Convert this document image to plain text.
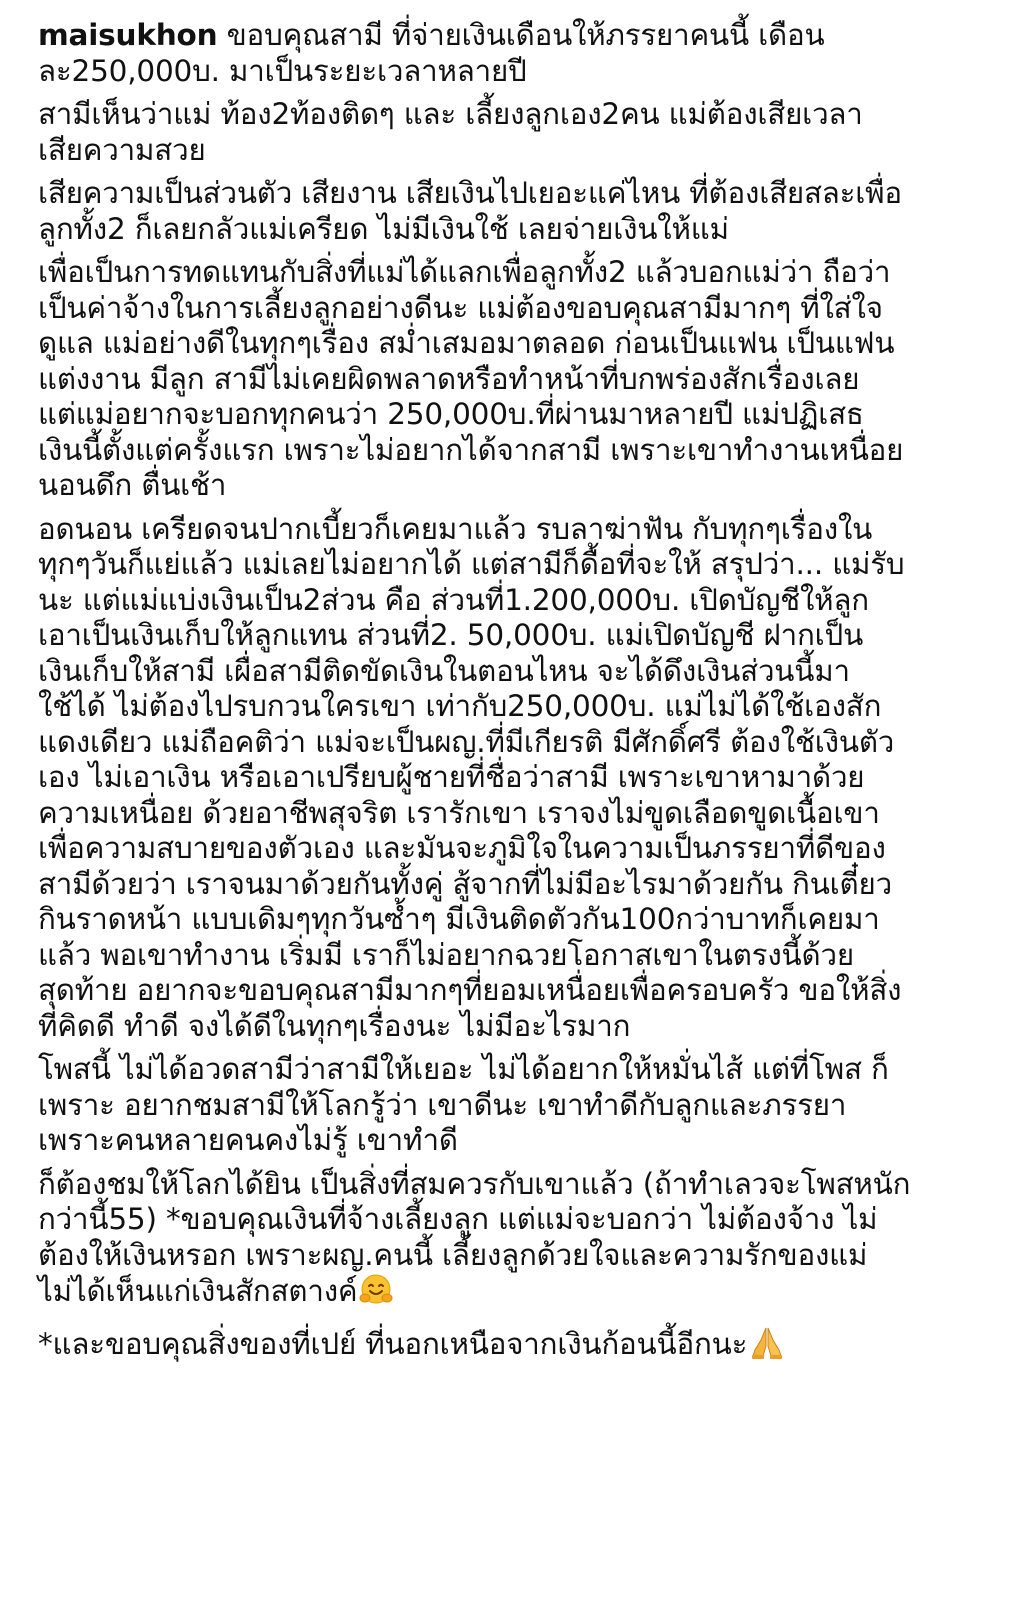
maisukhon ขอบคุณสามี ที่จ่ายเงินเดือนให้ภรรยาคนนี้ เดือน
ละ250,000บ. มาเป็นระยะเวลาหลายปี
สามีเห็นว่าแม่ ท้อง2ท้องติดๆ และ เลี้ยงลูกเอง2คน แม่ต้องเสียเวลา
เสียความสวย
เสียความเป็นส่วนตัว เสียงาน เสียเงินไปเยอะแค่ไหน ที่ต้องเสียสละเพื่อ
ลูกทั้ง2 ก็เลยกลัวแม่เครียด ไม่มีเงินใช้ เลยจ่ายเงินให้แม่
เพื่อเป็นการทดแทนกับสิ่งที่แม่ได้แลกเพื่อลูกทั้ง2 แล้วบอกแม่ว่า ถือว่า
เป็นค่าจ้างในการเลี้ยงลูกอย่างดีนะ แม่ต้องขอบคุณสามีมากๆ ที่ใส่ใจ
ดูแล แม่อย่างดีในทุกๆเรื่อง สม่ำเสมอมาตลอด ก่อนเป็นแฟน เป็นแฟน
แต่งงาน มีลูก สามีไม่เคยผิดพลาดหรือทำหน้าที่บกพร่องสักเรื่องเลย
แต่แม่อยากจะบอกทุกคนว่า 250,000บ.ที่ผ่านมาหลายปี แม่ปฏิเสธ
เงินนี้ตั้งแต่ครั้งแรก เพราะไม่อยากได้จากสามี เพราะเขาทำงานเหนื่อย
นอนดึก ตื่นเช้า
อดนอน เครียดจนปากเบี้ยวก็เคยมาแล้ว รบลาฆ่าฟัน กับทุกๆเรื่องใน
ทุกๆวันก็แย่แล้ว แม่เลยไม่อยากได้ แต่สามีก็ดื้อที่จะให้ สรุปว่า... แม่รับ
นะ แต่แม่แบ่งเงินเป็น2ส่วน คือ ส่วนที่1.200,000บ. เปิดบัญชีให้ลูก
เอาเป็นเงินเก็บให้ลูกแทน ส่วนที่2. 50,000บ. แม่เปิดบัญชี ฝากเป็น
เงินเก็บให้สามี เผื่อสามีติดขัดเงินในตอนไหน จะได้ดึงเงินส่วนนี้มา
ใช้ได้ ไม่ต้องไปรบกวนใครเขา เท่ากับ250,000บ. แม่ไม่ได้ใช้เองสัก
แดงเดียว แม่ถือคติว่า แม่จะเป็นผญ.ที่มีเกียรติ มีศักดิ์ศรี ต้องใช้เงินตัว
เอง ไม่เอาเงิน หรือเอาเปรียบผู้ชายที่ชื่อว่าสามี เพราะเขาหามาด้วย
ความเหนื่อย ด้วยอาชีพสุจริต เรารักเขา เราจงไม่ขูดเลือดขูดเนื้อเขา
เพื่อความสบายของตัวเอง และมันจะภูมิใจในความเป็นภรรยาที่ดีของ
สามีด้วยว่า เราจนมาด้วยกันทั้งคู่ สู้จากที่ไม่มีอะไรมาด้วยกัน กินเตี๋ยว
กินราดหน้า แบบเดิมๆทุกวันซ้ำๆ มีเงินติดตัวกัน100กว่าบาทก็เคยมา
แล้ว พอเขาทำงาน เริ่มมี เราก็ไม่อยากฉวยโอกาสเขาในตรงนี้ด้วย
สุดท้าย อยากจะขอบคุณสามีมากๆที่ยอมเหนื่อยเพื่อครอบครัว ขอให้สิ่ง
ที่คิดดี ทำดี จงได้ดีในทุกๆเรื่องนะ ไม่มีอะไรมาก
โพสนี้ ไม่ได้อวดสามีว่าสามีให้เยอะ ไม่ได้อยากให้หมั่นไส้ แต่ที่โพส ก็
เพราะ อยากชมสามีให้โลกรู้ว่า เขาดีนะ เขาทำดีกับลูกและภรรยา
เพราะคนหลายคนคงไม่รู้ เขาทำดี
ก็ต้องชมให้โลกได้ยิน เป็นสิ่งที่สมควรกับเขาแล้ว (ถ้าทำเลวจะโพสหนัก
กว่านี้55) *ขอบคุณเงินที่จ้างเลี้ยงลูก แต่แม่จะบอกว่า ไม่ต้องจ้าง ไม่
ต้องให้เงินหรอก เพราะผญ.คนนี้ เลี้ยงลูกด้วยใจและความรักของแม่
ไม่ได้เห็นแก่เงินสักสตางค์
*และขอบคุณสิ่งของที่เปย์ ที่นอกเหนือจากเงินก้อนนี้อีกนะ
